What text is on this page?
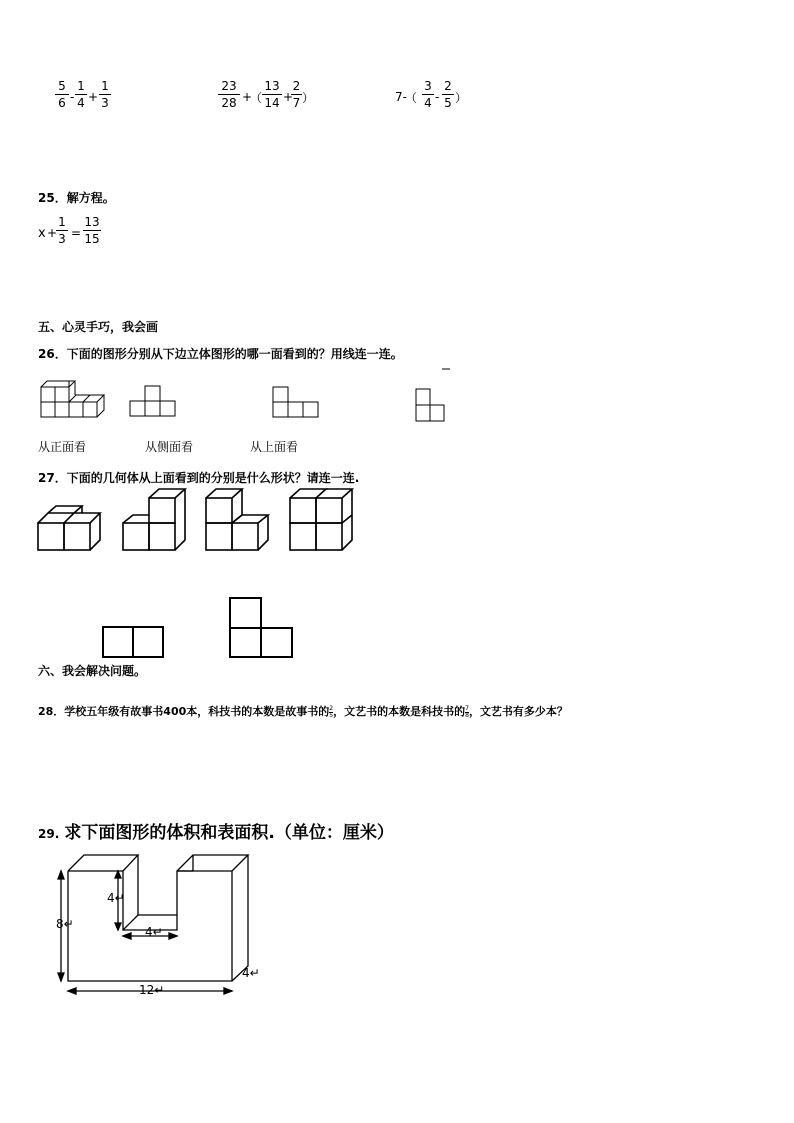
5
6 -
1
4 +
1
3
23
28 +
（
13
14 +
2
7 ）	7-
（
3
4 -
2
5 ）
25．解方程。
x +
1
3 =
13
15
五、心灵手巧，我会画
26．下面的图形分别从下边立体图形的哪一面看到的？用线连一连。
从正面看	从侧面看	从上面看
27．下面的几何体从上面看到的分别是什么形状？请连一连.
六、我会解决问题。
28．学校五年级有故事书400本，科技书的本数是故事书的 $\frac{2}{5}$ ，文艺书的本数是科技书的 $\frac{7}{8}$ ，文艺书有多少本？
29. 求下面图形的体积和表面积.（单位：厘米）
8↵
4↵
4↵
12↵
4↵
